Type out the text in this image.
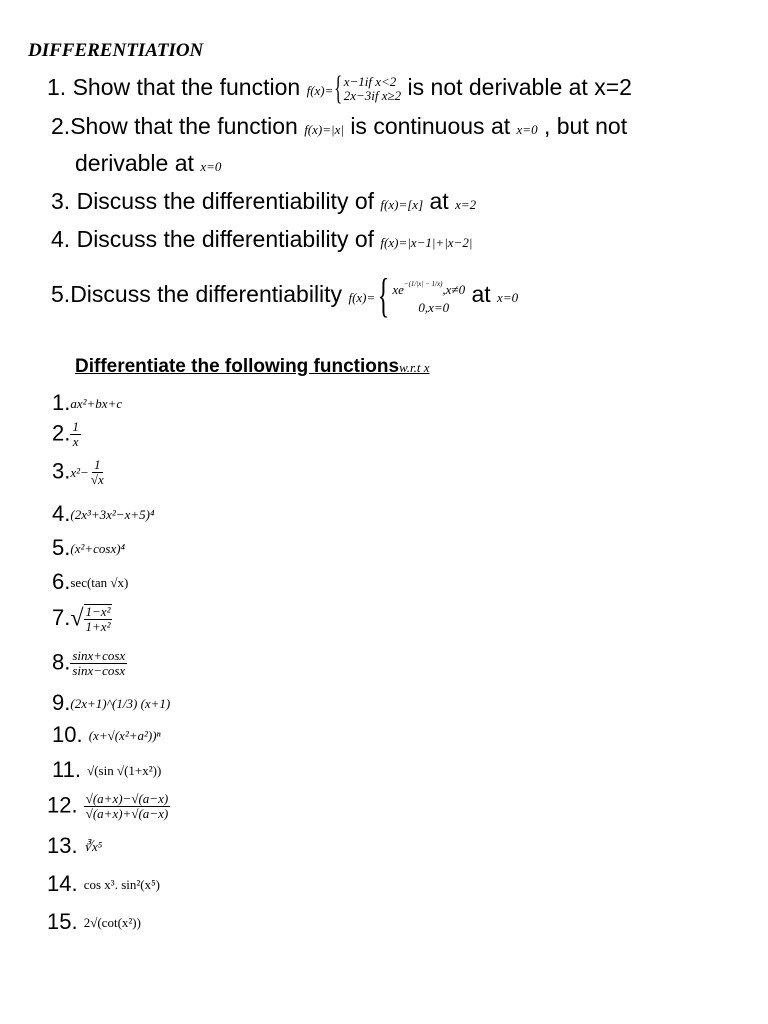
DIFFERENTIATION
1. Show that the function f(x)={x−1if x<2
2x−3if x≥2 is not derivable at x=2
2.Show that the function f(x)=|x| is continuous at x=0 , but not
derivable at x=0
3. Discuss the differentiability of f(x)=[x] at x=2
4. Discuss the differentiability of f(x)=|x−1|+|x−2|
5.Discuss the differentiability f(x)={ $xe^{-(1/|x| - 1/x)},x\ne 0$
0,x=0 at x=0
Differentiate the following functionsw.r.t x
1.ax²+bx+c
2. $\frac{1}{x}$
$3.x^2- \frac{1}{√x}$
4.(2x³+3x²−x+5)⁴
5.(x²+cosx)⁴
6.sec(tan √x)
$7.√ \frac{\text{1−x²}}{\text{1+x²}}$
8. $\frac{\sin x+\cos x}{\sin x-\cos x}$
9.(2x+1)^(1/3) (x+1)
10. (x+√(x²+a²))ⁿ
11. √(sin √(1+x²))
12. $\frac{√(a+x)-√(a-x)}{√(a+x)+√(a-x)}$
13. ∛x⁵
14. cos x³. sin²(x⁵)
15. 2√(cot(x²))
